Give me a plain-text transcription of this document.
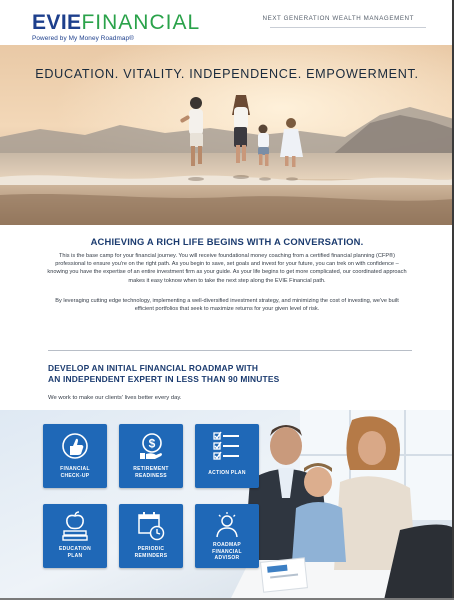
EVIEFINANCIAL
Powered by My Money Roadmap®
NEXT GENERATION WEALTH MANAGEMENT
EDUCATION. VITALITY. INDEPENDENCE. EMPOWERMENT.
ACHIEVING A RICH LIFE BEGINS WITH A CONVERSATION.

This is the base camp for your financial journey. You will receive foundational money coaching from a certified financial planning (CFP®) professional to ensure you're on the right path. As you begin to save, set goals and invest for your future, you can trek on with confidence – knowing you have the expertise of an entire investment firm as your guide. As your life begins to get more complicated, our coordinated approach makes it easy toknow when to take the next step along the EVIE Financial path.

By leveraging cutting edge technology, implementing a well-diversified investment strategy, and minimizing the cost of investing, we've built efficient portfolios that seek to maximize returns for your given level of risk.

DEVELOP AN INITIAL FINANCIAL ROADMAP WITH
AN INDEPENDENT EXPERT IN LESS THAN 90 MINUTES
We work to make our clients' lives better every day.
FINANCIAL
CHECK-UP
$
RETIREMENT
READINESS	ACTION PLAN
EDUCATION
PLAN
PERIODIC
REMINDERS
ROADMAP
FINANCIAL
ADVISOR
